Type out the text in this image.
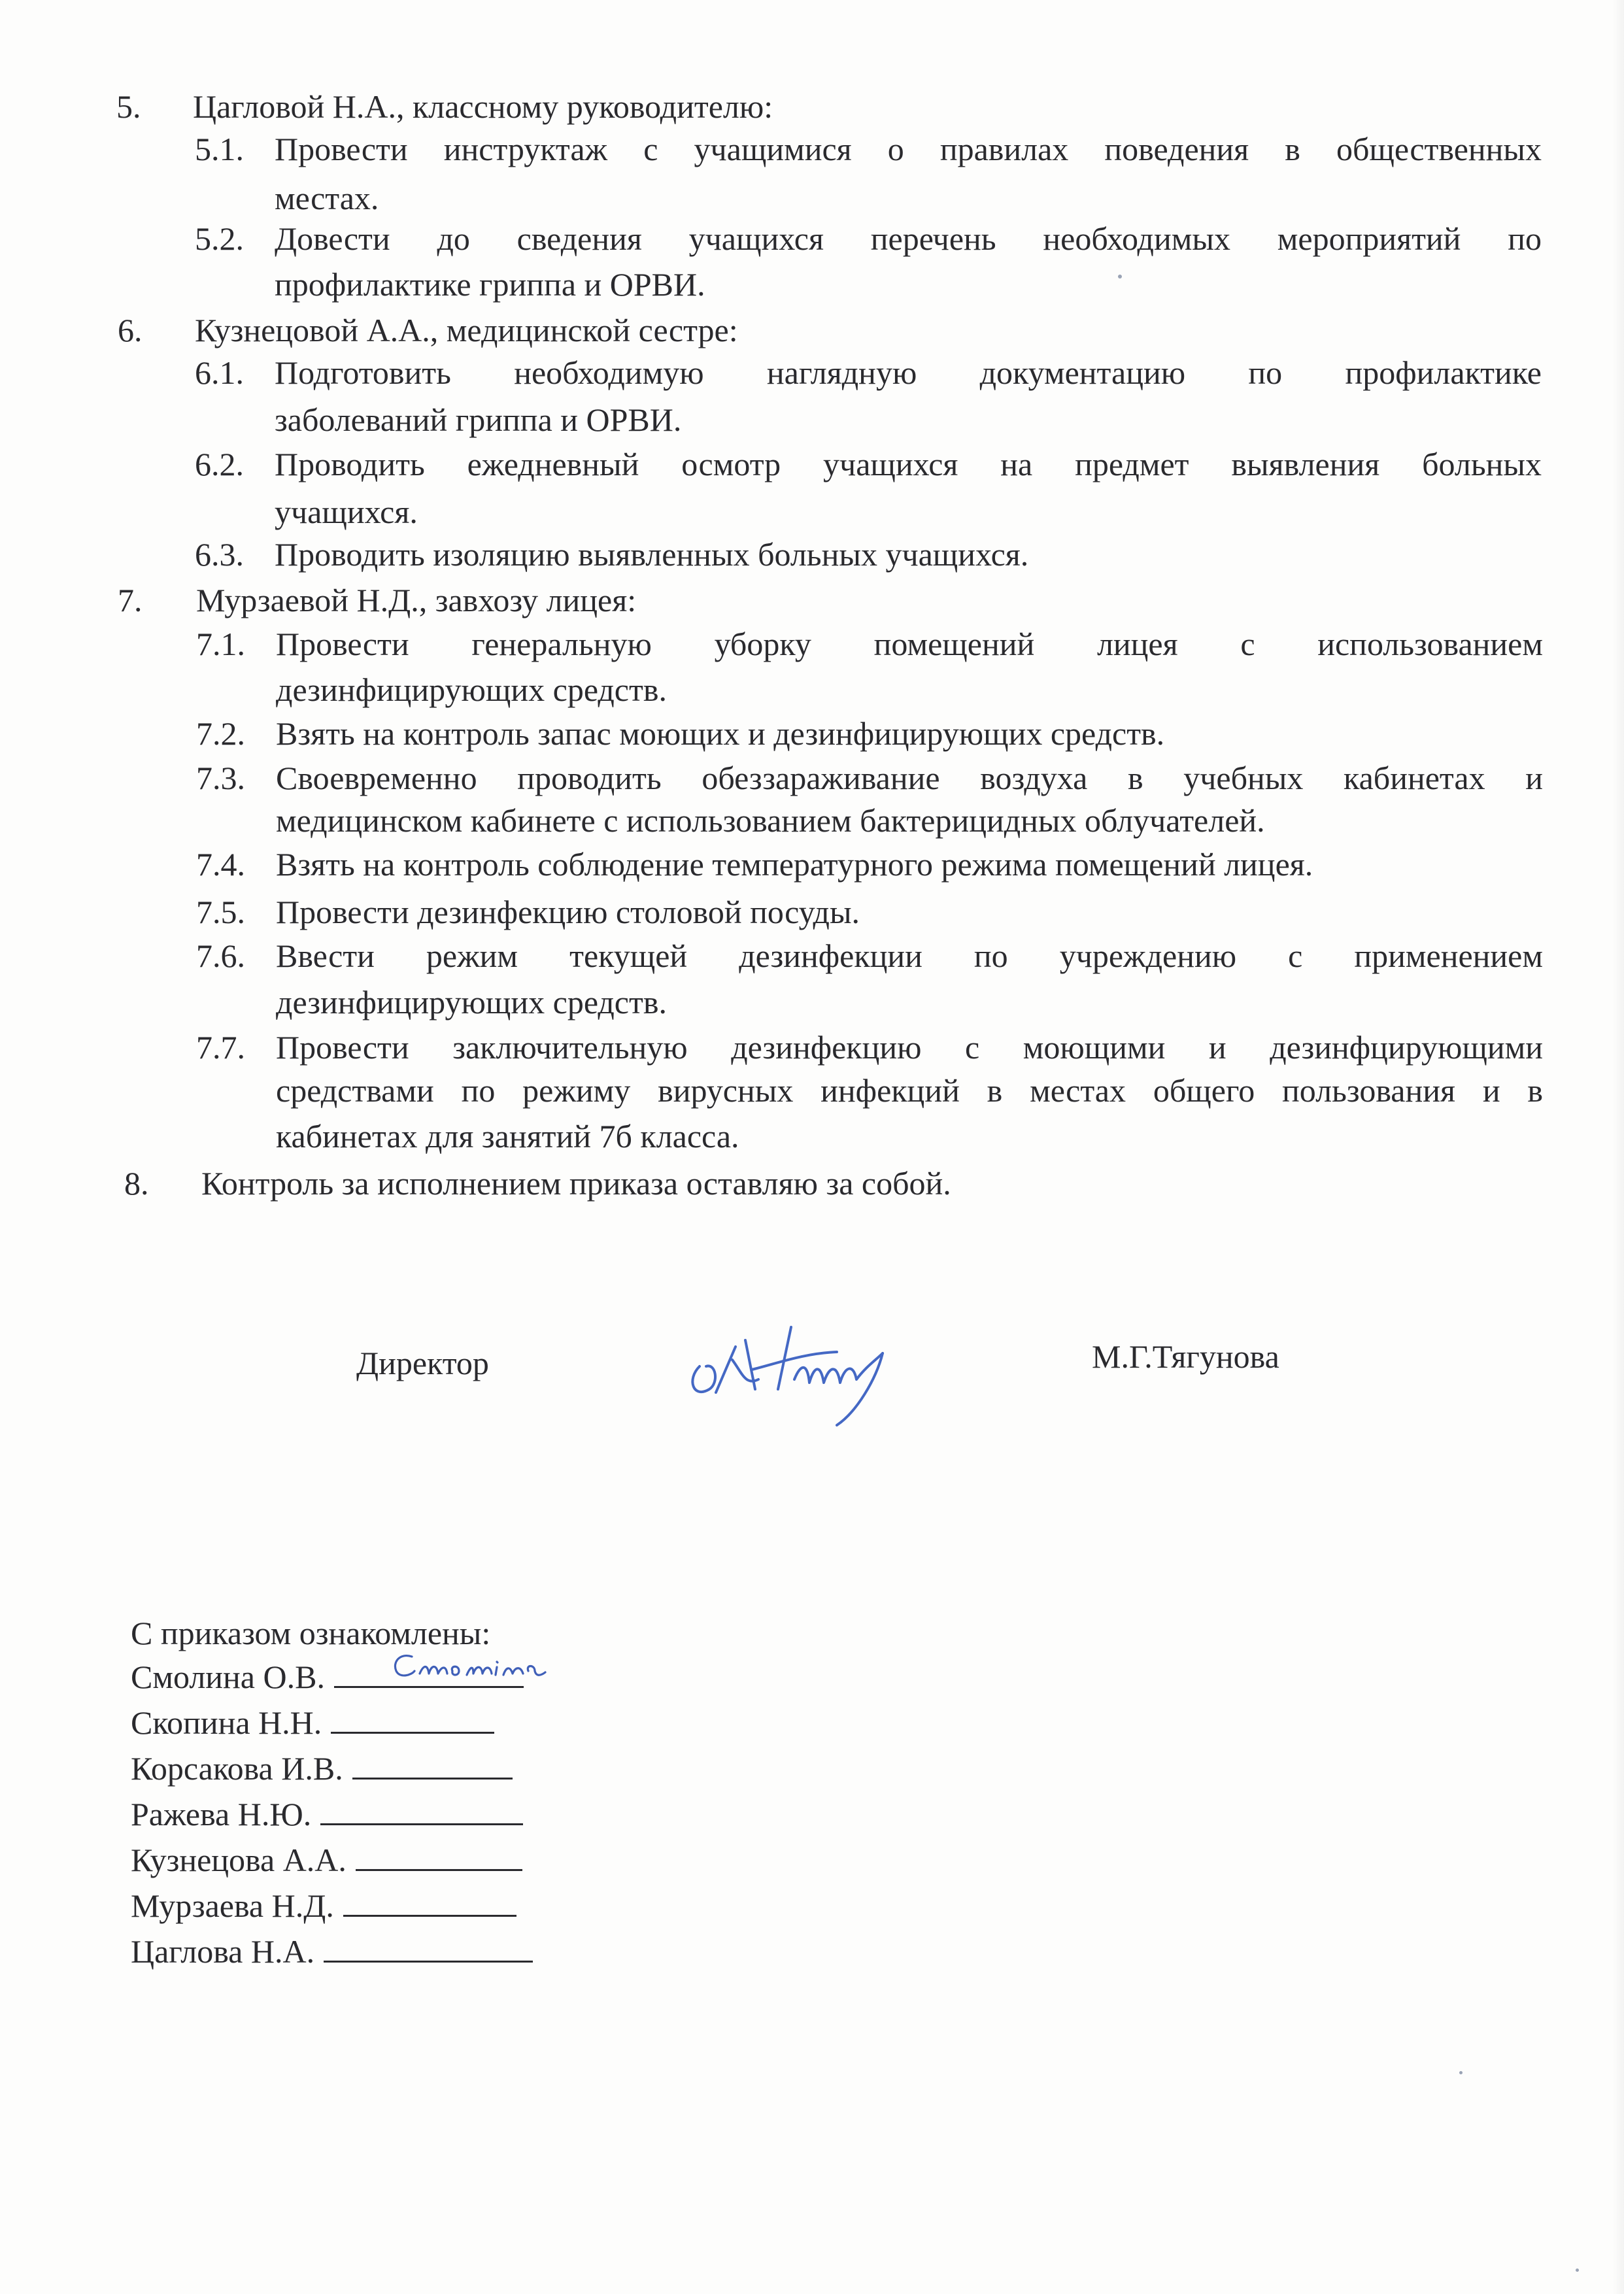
5. Цагловой Н.А., классному руководителю:
5.1. Провести инструктаж с учащимися о правилах поведения в общественных
местах.
5.2. Довести до сведения учащихся перечень необходимых мероприятий по
профилактике гриппа и ОРВИ.
6. Кузнецовой А.А., медицинской сестре:
6.1. Подготовить необходимую наглядную документацию по профилактике
заболеваний гриппа и ОРВИ.
6.2. Проводить ежедневный осмотр учащихся на предмет выявления больных
учащихся.
6.3. Проводить изоляцию выявленных больных учащихся.
7. Мурзаевой Н.Д., завхозу лицея:
7.1. Провести генеральную уборку помещений лицея с использованием
дезинфицирующих средств.
7.2. Взять на контроль запас моющих и дезинфицирующих средств.
7.3. Своевременно проводить обеззараживание воздуха в учебных кабинетах и
медицинском кабинете с использованием бактерицидных облучателей.
7.4. Взять на контроль соблюдение температурного режима помещений лицея.
7.5. Провести дезинфекцию столовой посуды.
7.6. Ввести режим текущей дезинфекции по учреждению с применением
дезинфицирующих средств.
7.7. Провести заключительную дезинфекцию с моющими и дезинфцирующими
средствами по режиму вирусных инфекций в местах общего пользования и в
кабинетах для занятий 7б класса.
8. Контроль за исполнением приказа оставляю за собой.
Директор	М.Г.Тягунова
С приказом ознакомлены:
Смолина О.В.
Скопина Н.Н.
Корсакова И.В.
Ражева Н.Ю.
Кузнецова А.А.
Мурзаева Н.Д.
Цаглова Н.А.
